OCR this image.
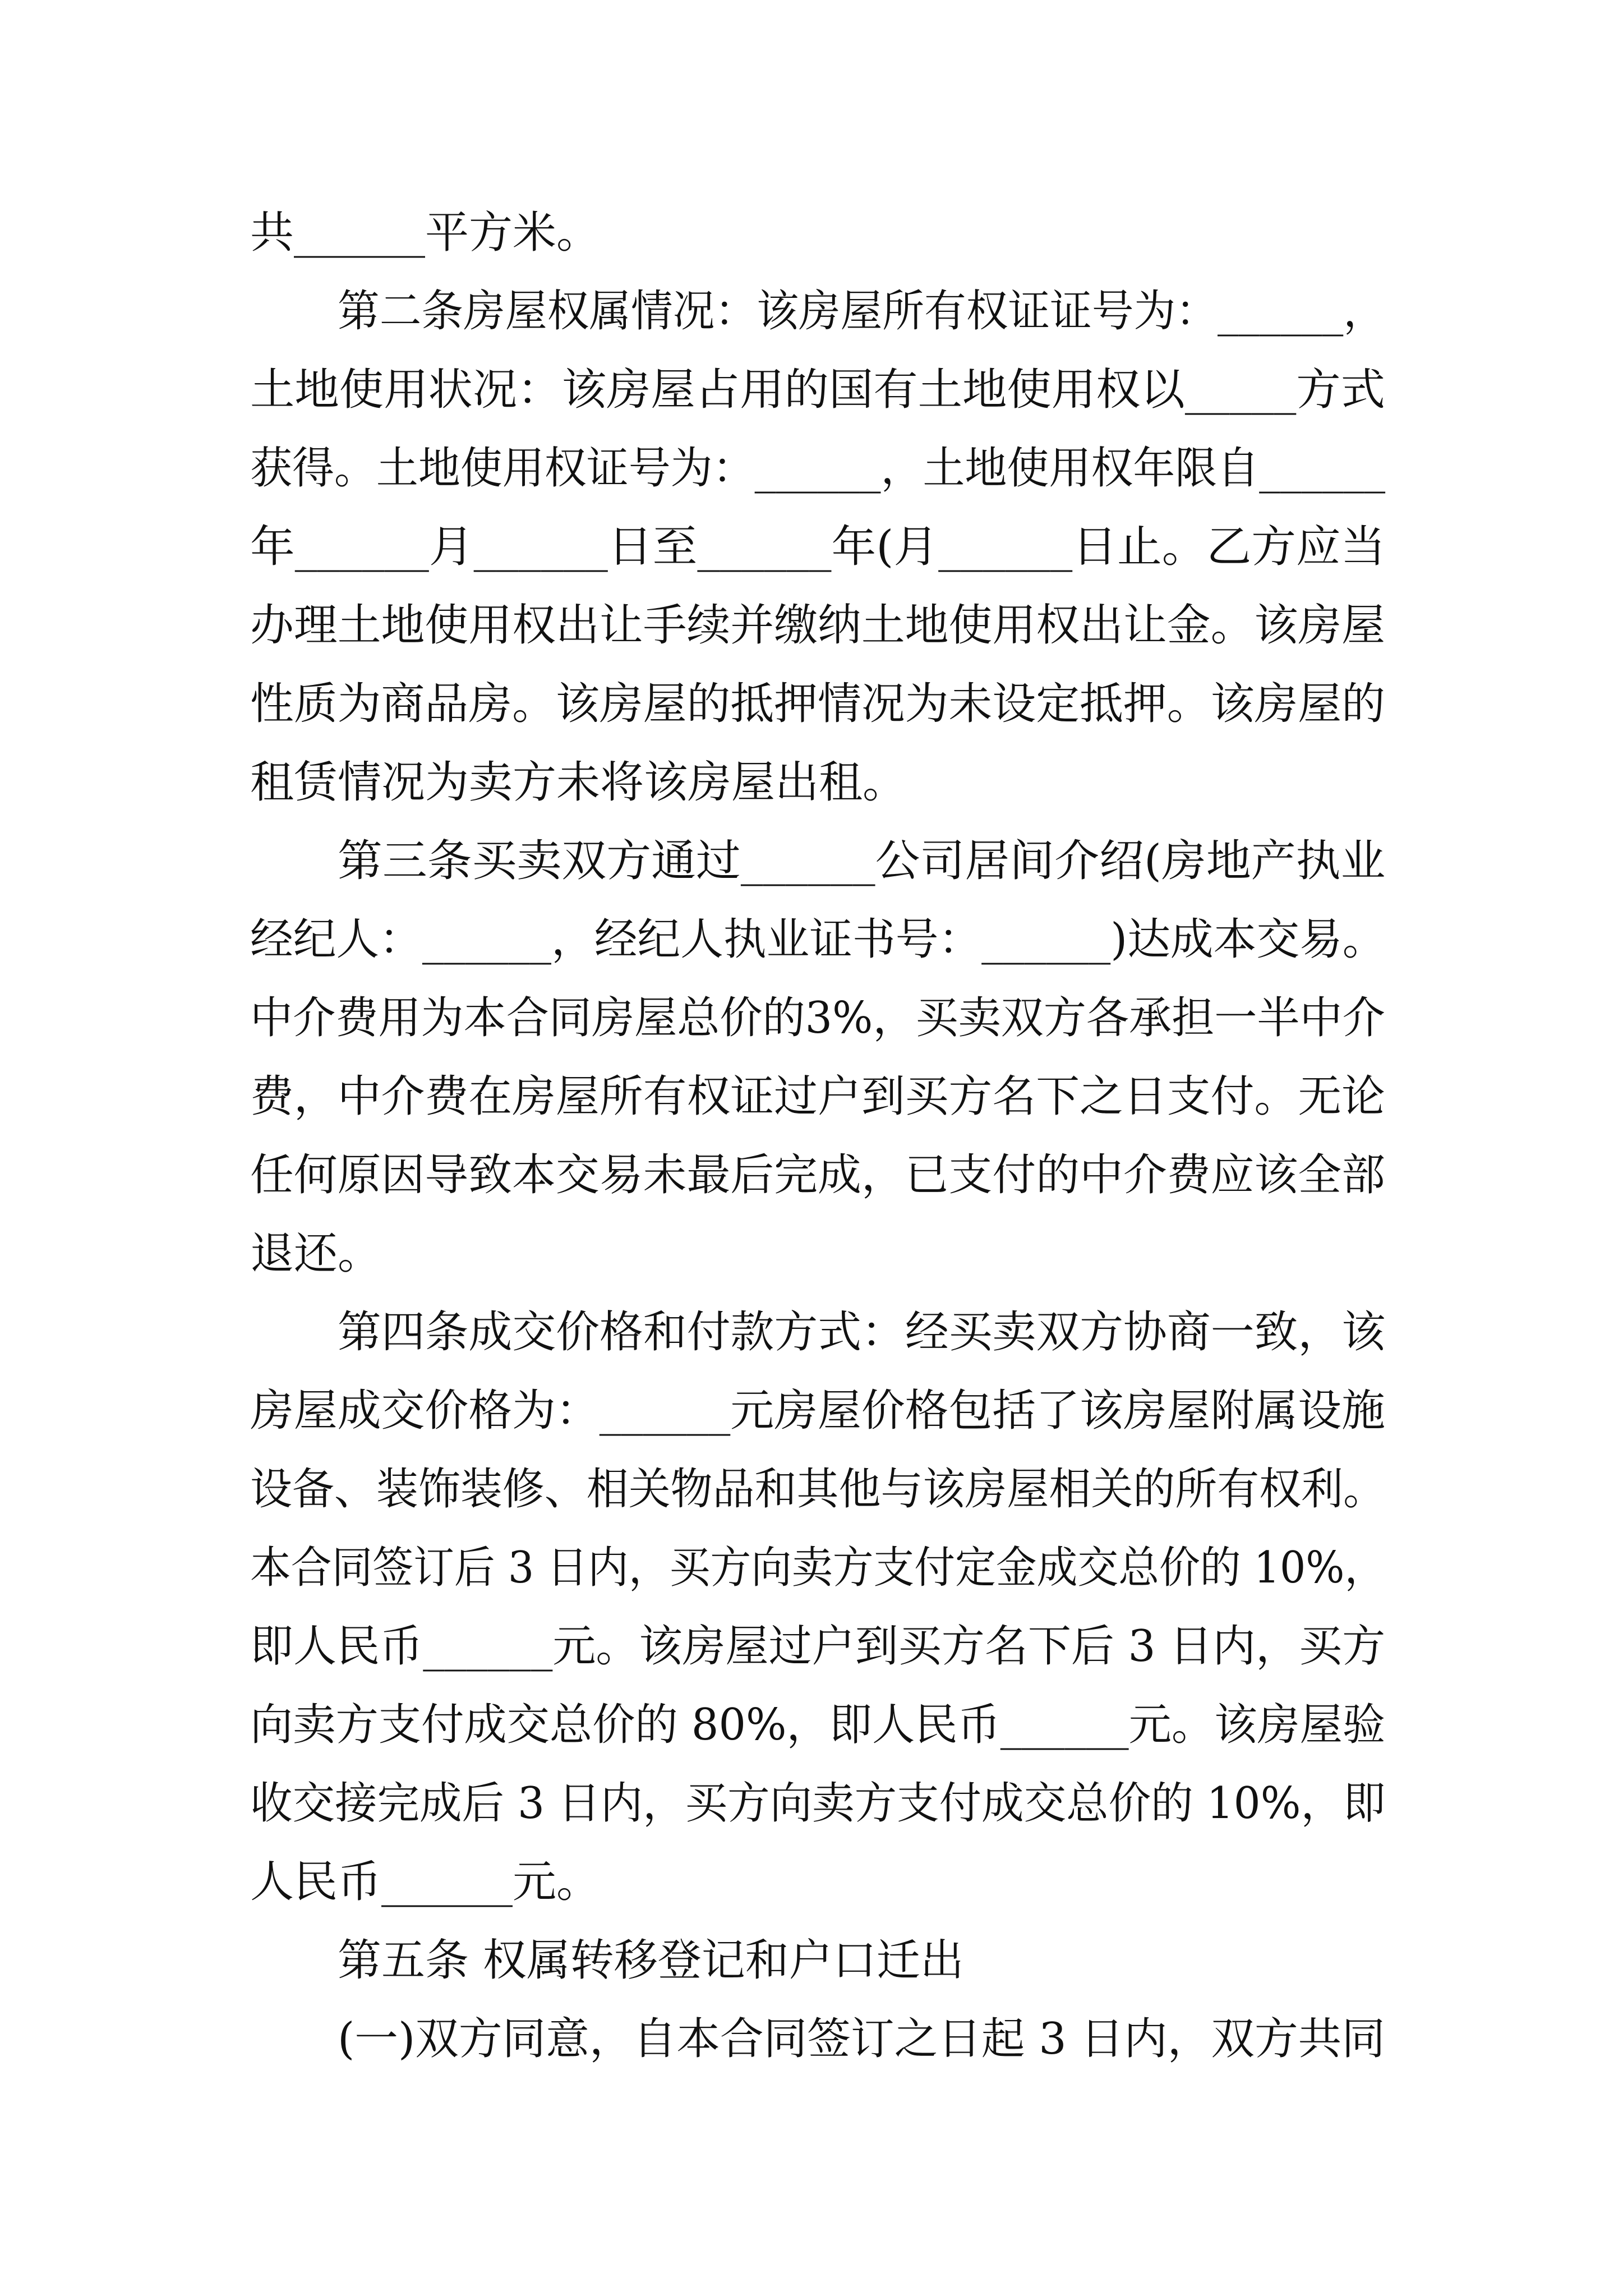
共______平方米。

第二条房屋权属情况：该房屋所有权证证号为：______，

土地使用状况：该房屋占用的国有土地使用权以_____方式

获得。土地使用权证号为：______，土地使用权年限自______

年______月______日至______年(月______日止。乙方应当

办理土地使用权出让手续并缴纳土地使用权出让金。该房屋

性质为商品房。该房屋的抵押情况为未设定抵押。该房屋的

租赁情况为卖方未将该房屋出租。

第三条买卖双方通过______公司居间介绍(房地产执业

经纪人：______，经纪人执业证书号：______)达成本交易。

中介费用为本合同房屋总价的3%，买卖双方各承担一半中介

费，中介费在房屋所有权证过户到买方名下之日支付。无论

任何原因导致本交易未最后完成，已支付的中介费应该全部

退还。

第四条成交价格和付款方式：经买卖双方协商一致，该

房屋成交价格为：______元房屋价格包括了该房屋附属设施

设备、装饰装修、相关物品和其他与该房屋相关的所有权利。

本合同签订后 3 日内，买方向卖方支付定金成交总价的 10%，

即人民币______元。该房屋过户到买方名下后 3 日内，买方

向卖方支付成交总价的 80%，即人民币______元。该房屋验

收交接完成后 3 日内，买方向卖方支付成交总价的 10%，即

人民币______元。

第五条 权属转移登记和户口迁出

(一)双方同意，自本合同签订之日起 3 日内，双方共同
